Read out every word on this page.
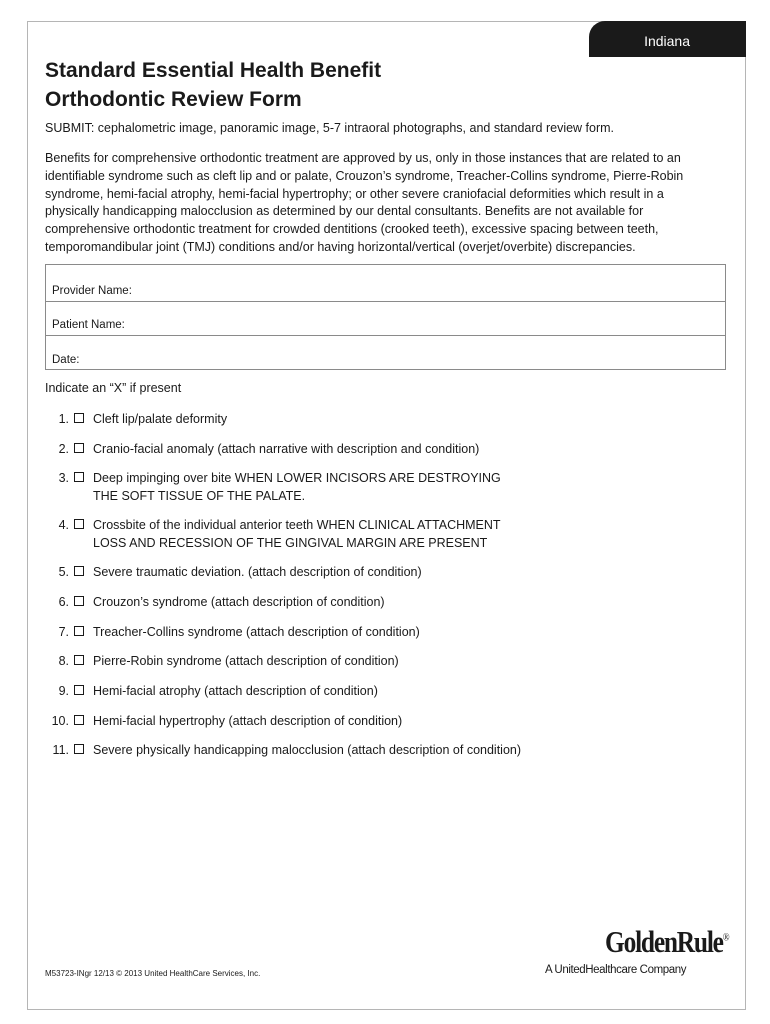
Indiana
Standard Essential Health Benefit
Orthodontic Review Form
SUBMIT: cephalometric image, panoramic image, 5-7 intraoral photographs, and standard review form.

Benefits for comprehensive orthodontic treatment are approved by us, only in those instances that are related to an identifiable syndrome such as cleft lip and or palate, Crouzon’s syndrome, Treacher-Collins syndrome, Pierre-Robin syndrome, hemi-facial atrophy, hemi-facial hypertrophy; or other severe craniofacial deformities which result in a physically handicapping malocclusion as determined by our dental consultants. Benefits are not available for comprehensive orthodontic treatment for crowded dentitions (crooked teeth), excessive spacing between teeth, temporomandibular joint (TMJ) conditions and/or having horizontal/vertical (overjet/overbite) discrepancies.

Provider Name:
Patient Name:
Date:
Indicate an “X” if present
1. Cleft lip/palate deformity
2. Cranio-facial anomaly (attach narrative with description and condition)
3. Deep impinging over bite WHEN LOWER INCISORS ARE DESTROYING
THE SOFT TISSUE OF THE PALATE.
4. Crossbite of the individual anterior teeth WHEN CLINICAL ATTACHMENT
LOSS AND RECESSION OF THE GINGIVAL MARGIN ARE PRESENT
5. Severe traumatic deviation. (attach description of condition)
6. Crouzon’s syndrome (attach description of condition)
7. Treacher-Collins syndrome (attach description of condition)
8. Pierre-Robin syndrome (attach description of condition)
9. Hemi-facial atrophy (attach description of condition)
10. Hemi-facial hypertrophy (attach description of condition)
11. Severe physically handicapping malocclusion (attach description of condition)
M53723-INgr 12/13 © 2013 United HealthCare Services, Inc.
GoldenRule®
A UnitedHealthcare Company
